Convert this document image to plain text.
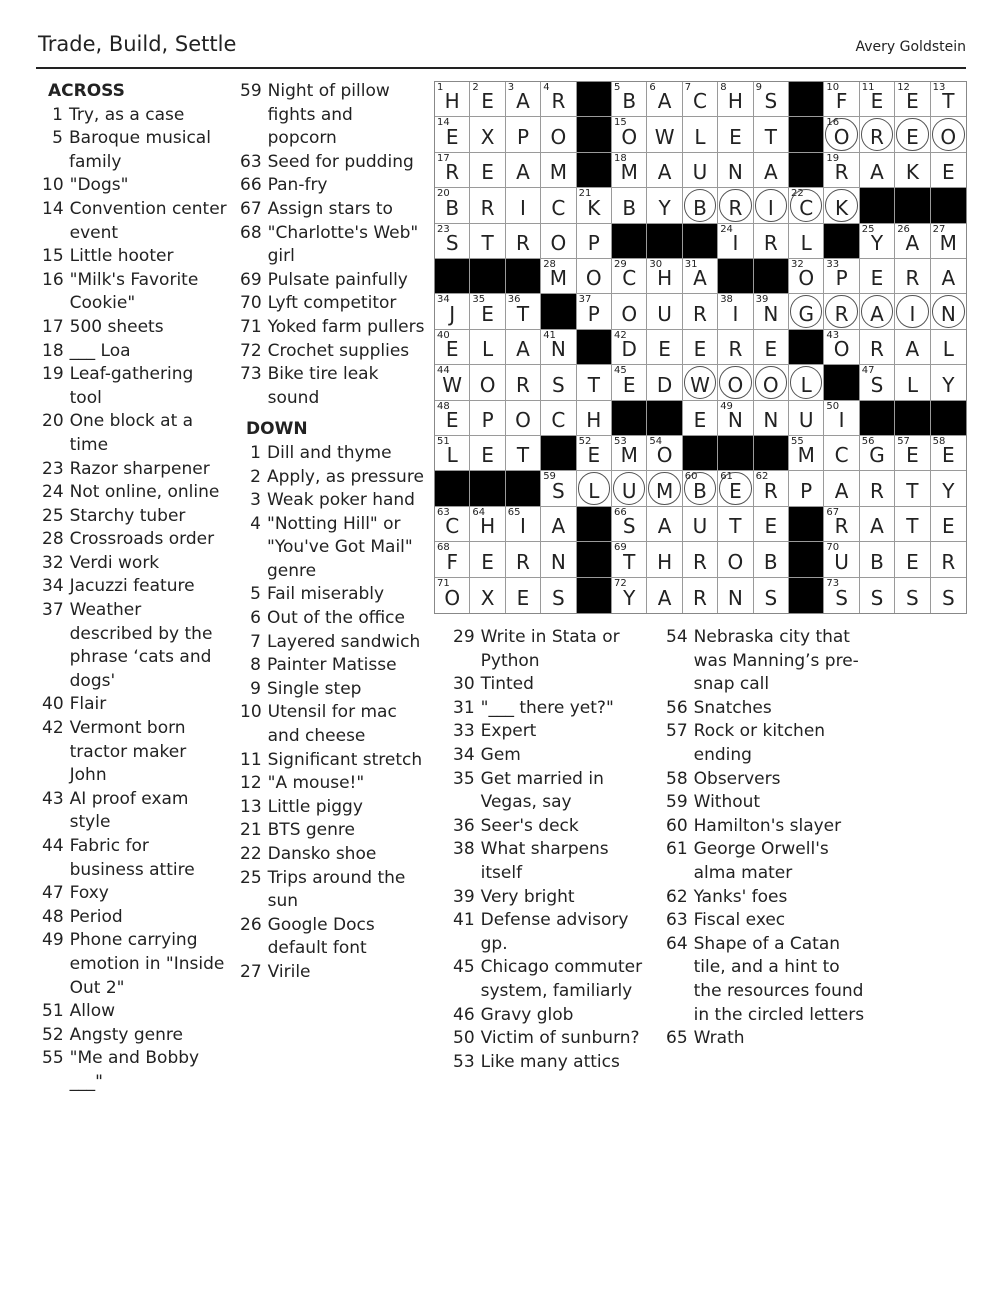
Trade, Build, Settle	Avery Goldstein
ACROSS
1 Try, as a case
5 Baroque musical family
10 "Dogs"
14 Convention center event
15 Little hooter
16 "Milk's Favorite Cookie"
17 500 sheets
18 ___ Loa
19 Leaf-gathering tool
20 One block at a time
23 Razor sharpener
24 Not online, online
25 Starchy tuber
28 Crossroads order
32 Verdi work
34 Jacuzzi feature
37 Weather described by the phrase ‘cats and dogs'
40 Flair
42 Vermont born tractor maker John
43 AI proof exam style
44 Fabric for business attire
47 Foxy
48 Period
49 Phone carrying emotion in "Inside Out 2"
51 Allow
52 Angsty genre
55 "Me and Bobby ___"
59 Night of pillow fights and popcorn
63 Seed for pudding
66 Pan-fry
67 Assign stars to
68 "Charlotte's Web" girl
69 Pulsate painfully
70 Lyft competitor
71 Yoked farm pullers
72 Crochet supplies
73 Bike tire leak sound
DOWN
1 Dill and thyme
2 Apply, as pressure
3 Weak poker hand
4 "Notting Hill" or "You've Got Mail" genre
5 Fail miserably
6 Out of the office
7 Layered sandwich
8 Painter Matisse
9 Single step
10 Utensil for mac and cheese
11 Significant stretch
12 "A mouse!"
13 Little piggy
21 BTS genre
22 Dansko shoe
25 Trips around the sun
26 Google Docs default font
27 Virile
29 Write in Stata or Python
30 Tinted
31 "___ there yet?"
33 Expert
34 Gem
35 Get married in Vegas, say
36 Seer's deck
38 What sharpens itself
39 Very bright
41 Defense advisory gp.
45 Chicago commuter system, familiarly
46 Gravy glob
50 Victim of sunburn?
53 Like many attics
54 Nebraska city that was Manning’s pre-snap call
56 Snatches
57 Rock or kitchen ending
58 Observers
59 Without
60 Hamilton's slayer
61 George Orwell's alma mater
62 Yanks' foes
63 Fiscal exec
64 Shape of a Catan tile, and a hint to the resources found in the circled letters
65 Wrath
1
H
2
E
3
A
4
R
5
B
6
A
7
C
8
H
9
S
10
F
11
E
12
E
13
T
14
E X P O
15
O W L E T
16
O R E O
17
R E A M
18
M A U N A
19
R A K E
20
B R I C
21
K B Y B R I
22
C K
23
S T R O P
24
I R L
25
Y
26
A
27
M
28
M O
29
C
30
H
31
A
32
O
33
P E R A
34
J
35
E
36
T
37
P O U R
38
I
39
N G R A I N
40
E L A
41
N
42
D E E R E
43
O R A L
44
W O R S T
45
E D W O O L
47
S L Y
48
E P O C H	E
49
N N U
50
I
51
L E T
52
E
53
M
54
O
55
M C
56
G
57
E
58
E
59
S L U M
60
B
61
E
62
R P A R T Y
63
C
64
H
65
I A
66
S A U T E
67
R A T E
68
F E R N
69
T H R O B
70
U B E R
71
O X E S
72
Y A R N S
73
S S S S
